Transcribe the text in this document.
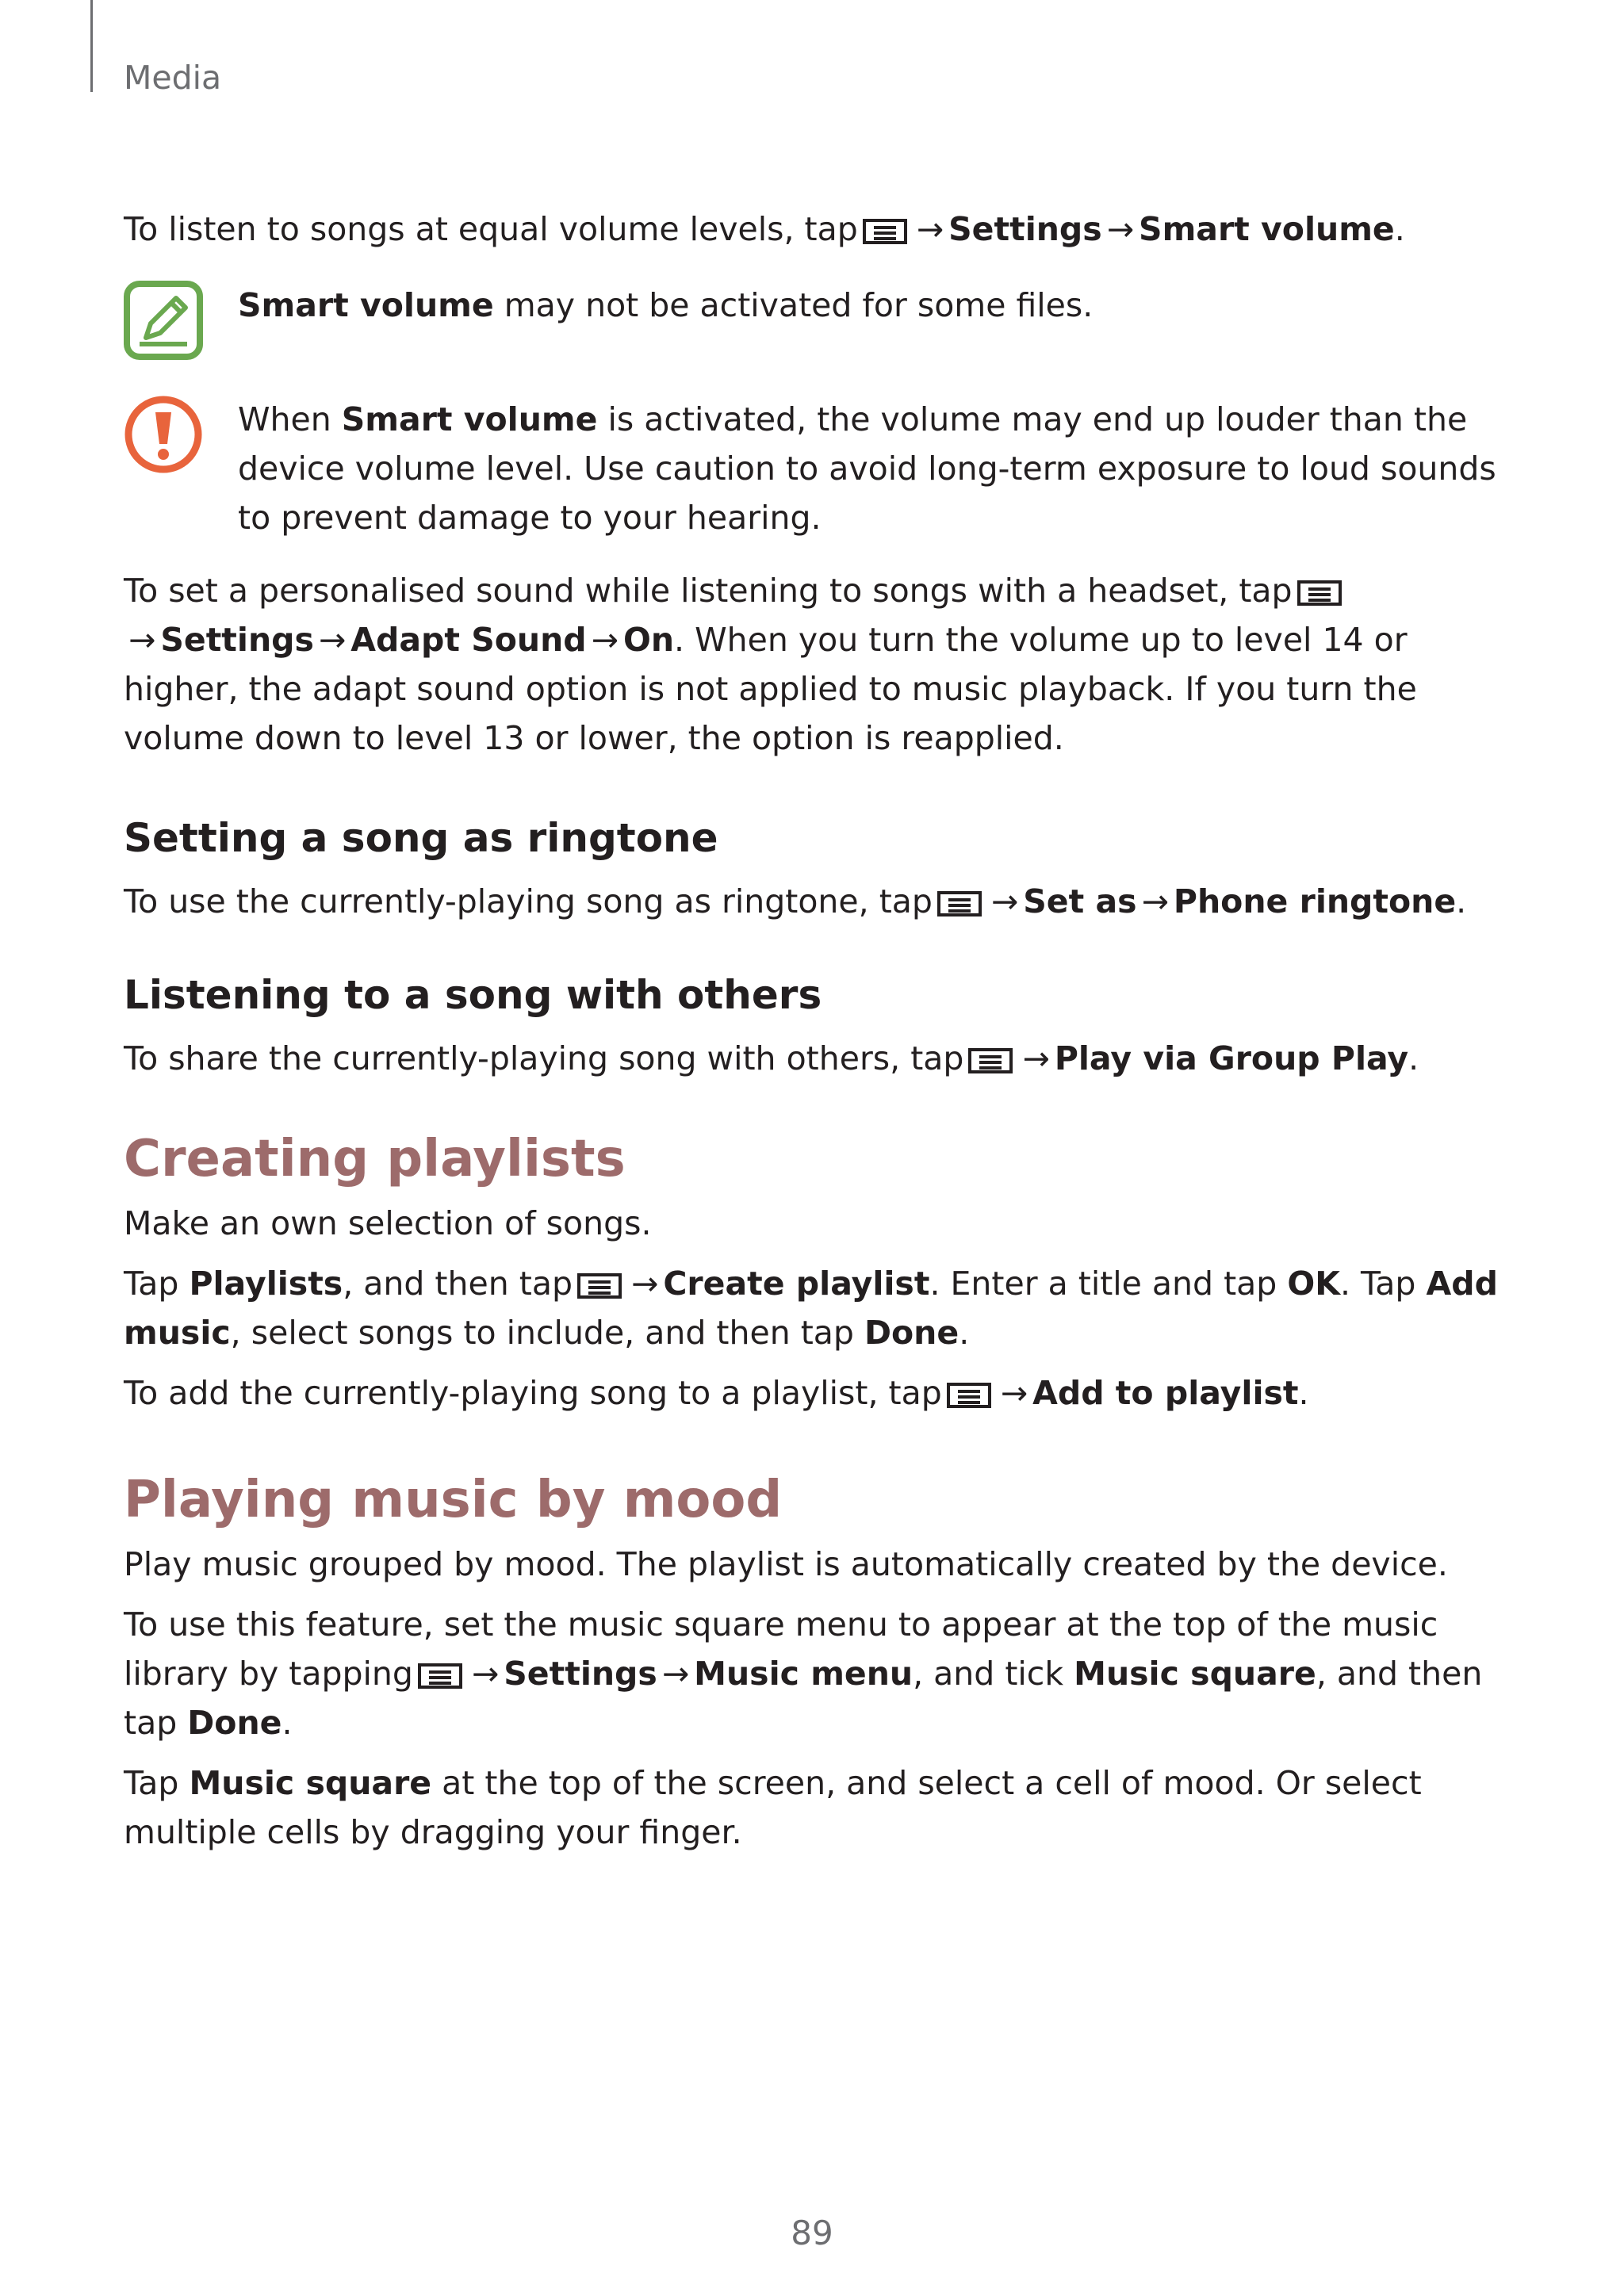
Media

To listen to songs at equal volume levels, tap → Settings → Smart volume.

Smart volume may not be activated for some files.

When Smart volume is activated, the volume may end up louder than the device volume level. Use caution to avoid long-term exposure to loud sounds to prevent damage to your hearing.

To set a personalised sound while listening to songs with a headset, tap→ Settings → Adapt Sound → On. When you turn the volume up to level 14 or higher, the adapt sound option is not applied to music playback. If you turn the volume down to level 13 or lower, the option is reapplied.

Setting a song as ringtone

To use the currently-playing song as ringtone, tap → Set as → Phone ringtone.

Listening to a song with others

To share the currently-playing song with others, tap → Play via Group Play.

Creating playlists

Make an own selection of songs.

Tap Playlists, and then tap → Create playlist. Enter a title and tap OK. Tap Add music, select songs to include, and then tap Done.

To add the currently-playing song to a playlist, tap → Add to playlist.

Playing music by mood

Play music grouped by mood. The playlist is automatically created by the device.

To use this feature, set the music square menu to appear at the top of the music library by tapping → Settings → Music menu, and tick Music square, and then tap Done.

Tap Music square at the top of the screen, and select a cell of mood. Or select multiple cells by dragging your finger.

89
